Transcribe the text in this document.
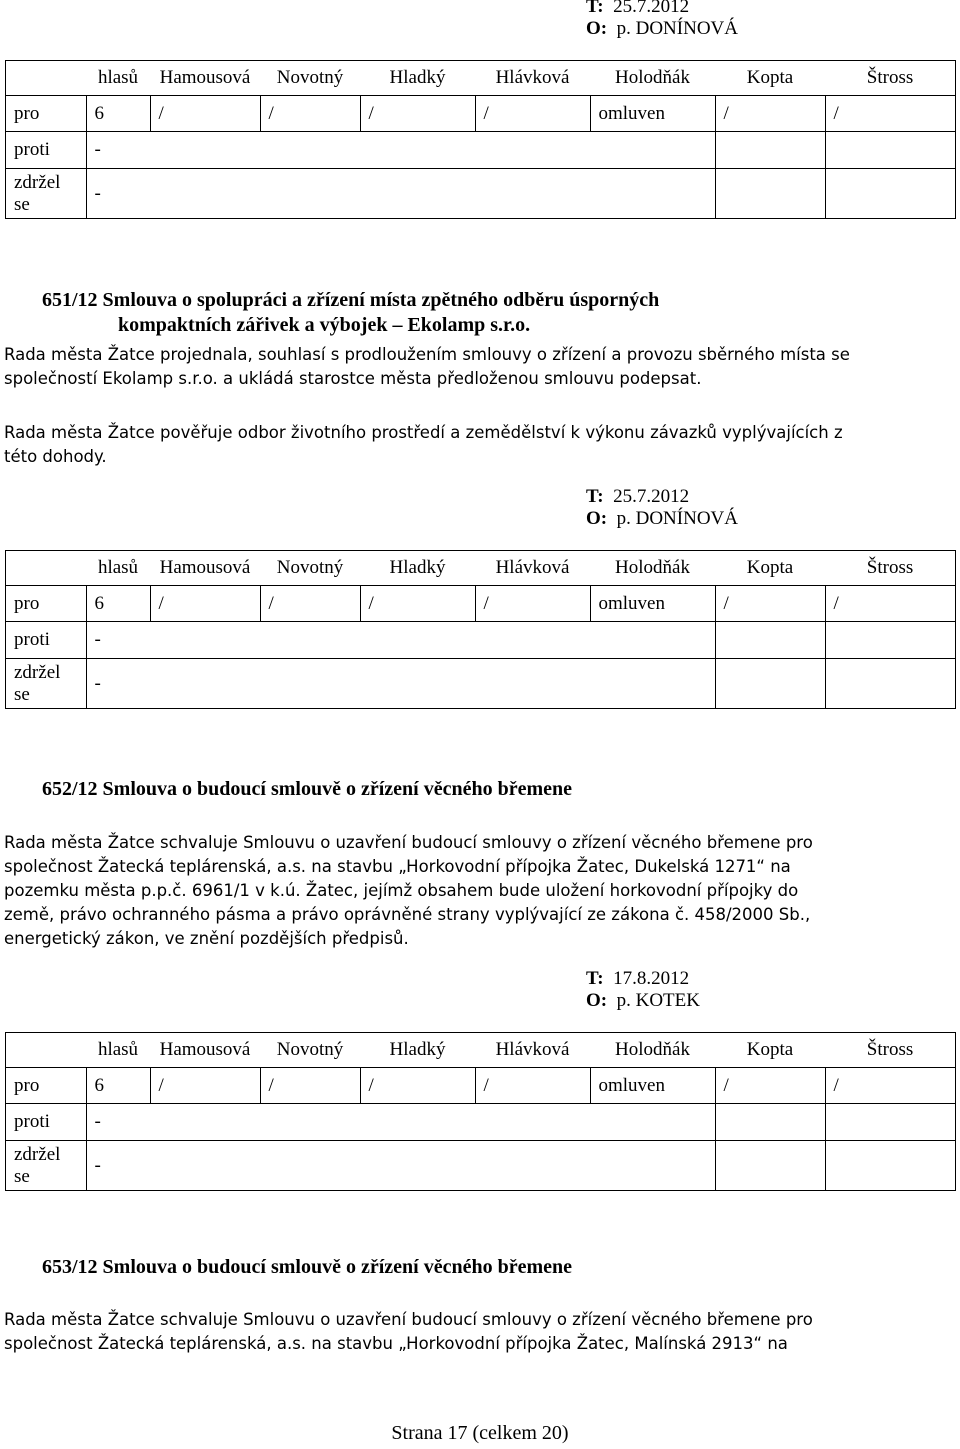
T: 25.7.2012
O: p. DONÍNOVÁ
	hlasů	Hamousová	Novotný	Hladký	Hlávková	Holodňák	Kopta	Štross
pro	6	/	/	/	/	omluven	/	/
proti	-							
zdržel
se	-							
651/12 Smlouva o spolupráci a zřízení místa zpětného odběru úsporných
kompaktních zářivek a výbojek – Ekolamp s.r.o.
Rada města Žatce projednala, souhlasí s prodloužením smlouvy o zřízení a provozu sběrného místa se
společností Ekolamp s.r.o. a ukládá starostce města předloženou smlouvu podepsat.
Rada města Žatce pověřuje odbor životního prostředí a zemědělství k výkonu závazků vyplývajících z
této dohody.
T: 25.7.2012
O: p. DONÍNOVÁ
	hlasů	Hamousová	Novotný	Hladký	Hlávková	Holodňák	Kopta	Štross
pro	6	/	/	/	/	omluven	/	/
proti	-							
zdržel
se	-							
652/12 Smlouva o budoucí smlouvě o zřízení věcného břemene
Rada města Žatce schvaluje Smlouvu o uzavření budoucí smlouvy o zřízení věcného břemene pro
společnost Žatecká teplárenská, a.s. na stavbu „Horkovodní přípojka Žatec, Dukelská 1271“ na
pozemku města p.p.č. 6961/1 v k.ú. Žatec, jejímž obsahem bude uložení horkovodní přípojky do
země, právo ochranného pásma a právo oprávněné strany vyplývající ze zákona č. 458/2000 Sb.,
energetický zákon, ve znění pozdějších předpisů.
T: 17.8.2012
O: p. KOTEK
	hlasů	Hamousová	Novotný	Hladký	Hlávková	Holodňák	Kopta	Štross
pro	6	/	/	/	/	omluven	/	/
proti	-							
zdržel
se	-							
653/12 Smlouva o budoucí smlouvě o zřízení věcného břemene
Rada města Žatce schvaluje Smlouvu o uzavření budoucí smlouvy o zřízení věcného břemene pro
společnost Žatecká teplárenská, a.s. na stavbu „Horkovodní přípojka Žatec, Malínská 2913“ na
Strana 17 (celkem 20)
